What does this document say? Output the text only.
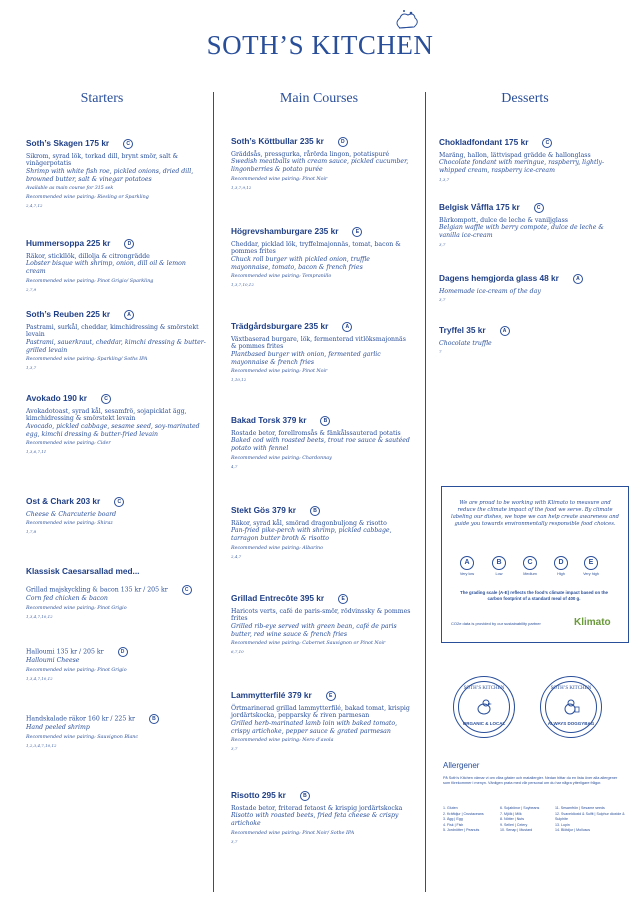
SOTH’S KITCHEN
Starters	Main Courses	Desserts
Soth’s Skagen 175 kr	C
Sikrom, syrad lök, torkad dill, brynt smör, salt & vinägerpotatis
Shrimp with white fish roe, pickled onions, dried dill, browned butter, salt & vinegar potatoes
Available as main course for 315 sek
Recommended wine pairing: Riesling or Sparkling
2,4,7,12
Hummersoppa 225 kr	D
Räkor, stickllök, dillolja & citrongrädde
Lobster bisque with shrimp, onion, dill oil & lemon cream
Recommended wine pairing: Pinot Grigio/ Sparkling
2,7,9
Soth’s Reuben 225 kr	A
Pastrami, surkål, cheddar, kimchidressing & smörstekt levain
Pastrami, sauerkraut, cheddar, kimchi dressing & butter-grilled levain
Recommended wine pairing: Sparkling/ Soths IPA
1,3,7
Avokado 190 kr	C
Avokadotoast, syrad kål, sesamfrö, sojapicklat ägg, kimchidressing & smörstekt levain
Avocado, pickled cabbage, sesame seed, soy-marinated egg, kimchi dressing & butter-fried levain
Recommended wine pairing: Cider
1,3,6,7,11
Ost & Chark 203 kr	C
Cheese & Charcuterie board
Recommended wine pairing: Shiraz
1,7,8
Klassisk Caesarsallad med...
Grillad majskyckling & bacon 135 kr / 205 kr	C
Corn fed chicken & bacon
Recommended wine pairing: Pinot Grigio
1,3,4,7,10,12
Halloumi 135 kr / 205 kr	D
Halloumi Cheese
Recommended wine pairing: Pinot Grigio
1,3,4,7,10,12
Handskalade räkor 160 kr / 225 kr	B
Hand peeled shrimp
Recommended wine pairing: Sauvignon Blanc
1,2,3,4,7,10,12
Soth’s Köttbullar 235 kr	D
Gräddsås, pressgurka, rårörda lingon, potatispuré
Swedish meatballs with cream sauce, pickled cucumber, lingonberries & potato purée
Recommended wine pairing: Pinot Noir
1,3,7,9,12
Högrevshamburgare 235 kr	E
Cheddar, picklad lök, tryffelmajonnäs, tomat, bacon & pommes frites
Chuck roll burger with pickled onion, truffle mayonnaise, tomato, bacon & french fries
Recommended wine pairing: Tempranillo
1,3,7,10,12
Trädgårdsburgare 235 kr	A
Växtbaserad burgare, lök, fermenterad vitlöksmajonnäs & pommes frites
Plantbased burger with onion, fermented garlic mayonnaise & french fries
Recommended wine pairing: Pinot Noir
1,10,12
Bakad Torsk 379 kr	B
Rostade betor, forellromsås & fänkålssauterad potatis
Baked cod with roasted beets, trout roe sauce & sautéed potato with fennel
Recommended wine pairing: Chardonnay
4,7
Stekt Gös 379 kr	B
Räkor, syrad kål, smörad dragonbuljong & risotto
Pan-fried pike-perch with shrimp, pickled cabbage, tarragon butter broth & risotto
Recommended wine pairing: Albarino
2,4,7
Grillad Entrecôte 395 kr	E
Haricots verts, café de paris-smör, rödvinssky & pommes frites
Grilled rib-eye served with green bean, café de paris butter, red wine sauce & french fries
Recommended wine pairing: Cabernet Sauvignon or Pinot Noir
6,7,10
Lammytterfilé 379 kr	E
Örtmarinerad grillad lammytterfilé, bakad tomat, krispig jordärtskocka, pepparsky & riven parmesan
Grilled herb-marinated lamb loin with baked tomato, crispy artichoke, pepper sauce & grated parmesan
Recommended wine pairing: Nero d’avola
3,7
Risotto 295 kr	B
Rostade betor, friterad fetaost & krispig jordärtskocka
Risotto with roasted beets, fried feta cheese & crispy artichoke
Recommended wine pairing: Pinot Noir/ Sothe IPA
3,7
Chokladfondant 175 kr	C
Maräng, hallon, lättvispad grädde & hallonglass
Chocolate fondant with meringue, raspberry, lightly-whipped cream, raspberry ice-cream
1,3,7
Belgisk Våffla 175 kr	C
Bärkompott, dulce de leche & vaniljglass
Belgian waffle with berry compote, dulce de leche & vanilla ice-cream
3,7
Dagens hemgjorda glass 48 kr	A
Homemade ice-cream of the day
3,7
Tryffel 35 kr	A
Chocolate truffle
7
We are proud to be working with Klimato to measure and reduce the climate impact of the food we serve. By climate labeling our dishes, we hope we can help create awareness and guide you towards environmentally responsible food choices.
A
Very low
B
Low
C
Medium
D
High
E
Very high
The grading scale (A-E) reflects the food’s climate impact based on the carbon footprint of a standard meal of 400 g.
CO2e data is provided by our sustainability partner	Klimato
SOTH’S KITCHEN
ORGANIC & LOCAL
SOTH’S KITCHEN
ALWAYS DOGGYBAG
Allergener
På Soth’s Kitchen värnar vi om våra gäster och matallergier. Nedan hittar du en lista över alla allergener som förekommer i menyn. Vänligen prata med vår personal om du har några ytterligare frågor.
1. Gluten
2. Kräftdjur | Crustaceans
3. Ägg | Egg
4. Fisk | Fish
5. Jordnötter | Peanuts
6. Sojabönor | Soybeans
7. Mjölk | Milk
8. Nötter | Nuts
9. Selleri | Celery
10. Senap | Mustard
11. Sesamfrön | Sesame seeds
12. Svaveldioxid & Sulfit | Sulphur dioxide & Sulphite
13. Lupin
14. Blötdjur | Molluscs
